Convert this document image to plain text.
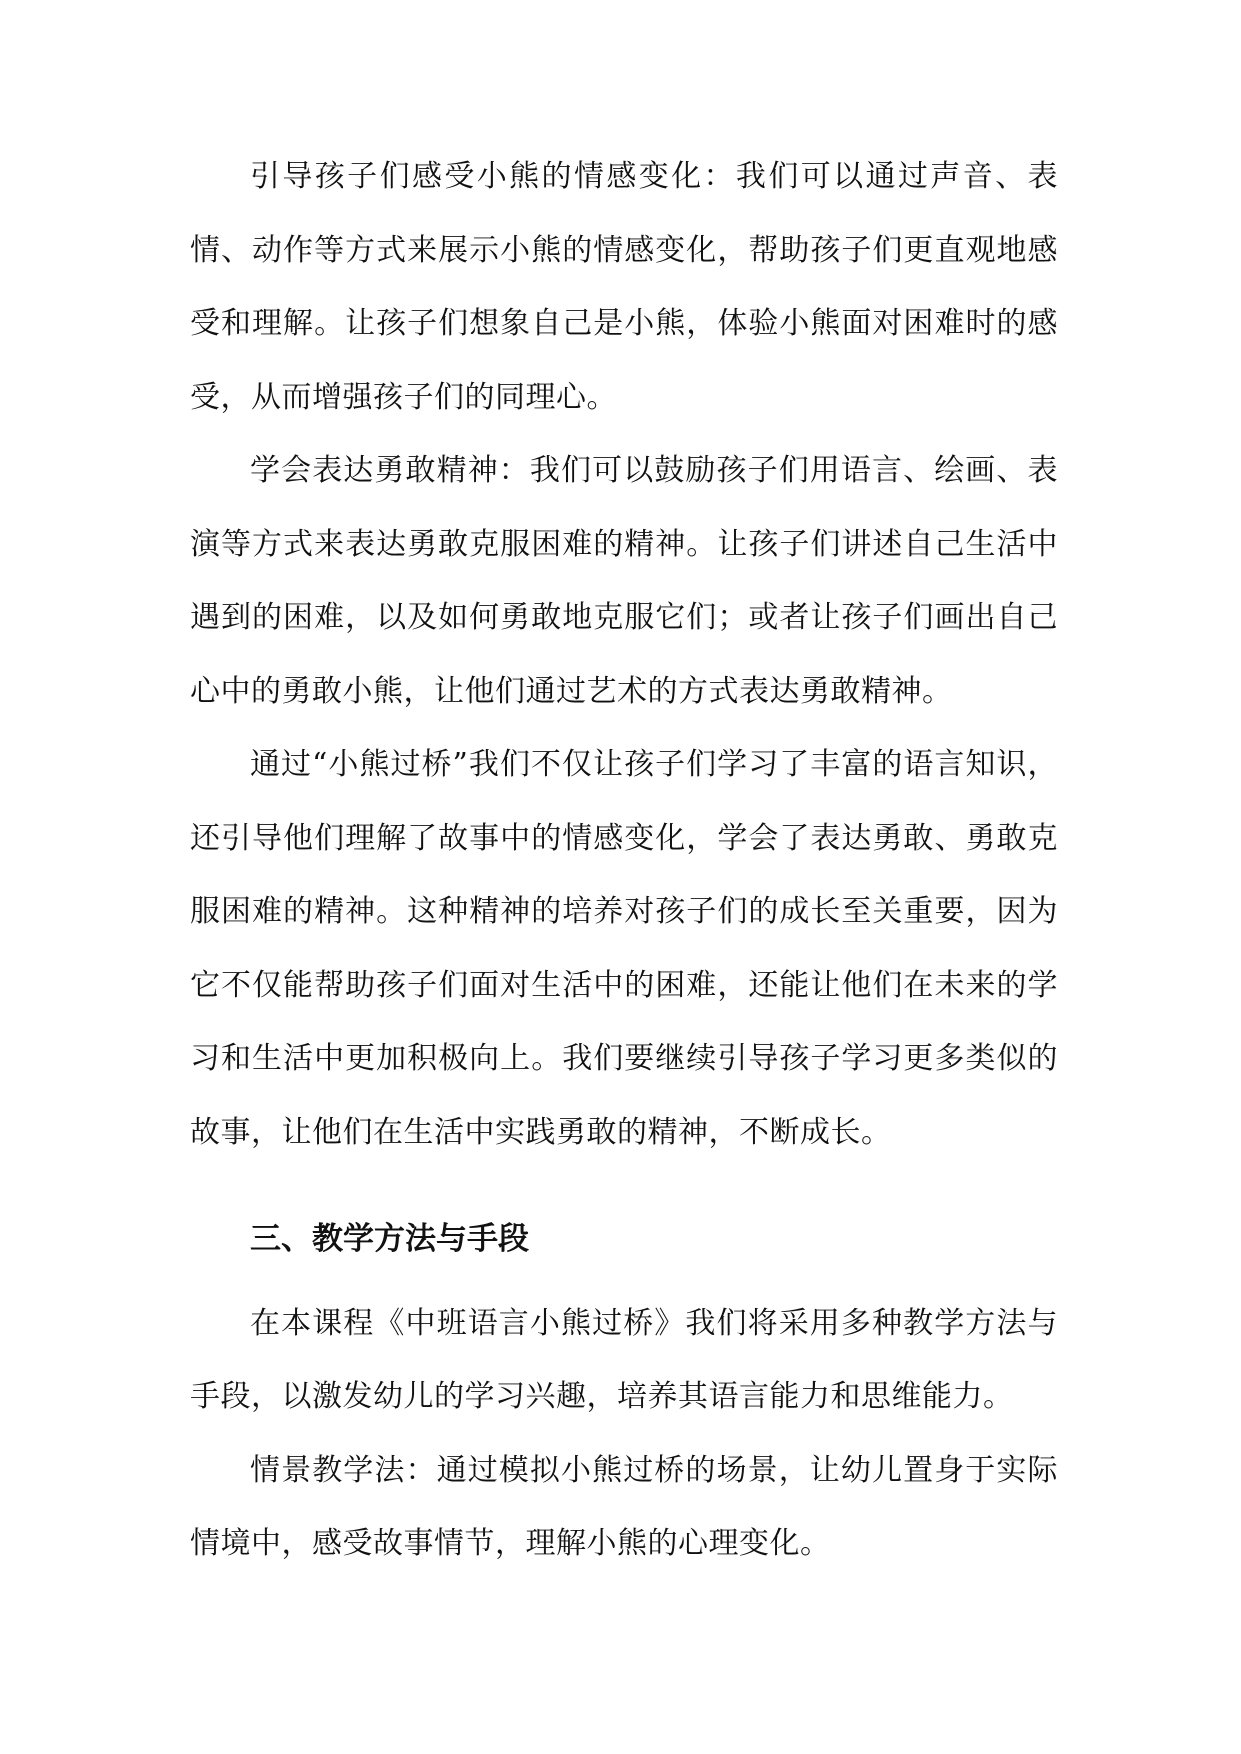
引导孩子们感受小熊的情感变化：我们可以通过声音、表情、动作等方式来展示小熊的情感变化，帮助孩子们更直观地感受和理解。让孩子们想象自己是小熊，体验小熊面对困难时的感受，从而增强孩子们的同理心。

学会表达勇敢精神：我们可以鼓励孩子们用语言、绘画、表演等方式来表达勇敢克服困难的精神。让孩子们讲述自己生活中遇到的困难，以及如何勇敢地克服它们；或者让孩子们画出自己心中的勇敢小熊，让他们通过艺术的方式表达勇敢精神。

通过“小熊过桥”我们不仅让孩子们学习了丰富的语言知识，还引导他们理解了故事中的情感变化，学会了表达勇敢、勇敢克服困难的精神。这种精神的培养对孩子们的成长至关重要，因为它不仅能帮助孩子们面对生活中的困难，还能让他们在未来的学习和生活中更加积极向上。我们要继续引导孩子学习更多类似的故事，让他们在生活中实践勇敢的精神，不断成长。

三、教学方法与手段

在本课程《中班语言小熊过桥》我们将采用多种教学方法与手段，以激发幼儿的学习兴趣，培养其语言能力和思维能力。

情景教学法：通过模拟小熊过桥的场景，让幼儿置身于实际情境中，感受故事情节，理解小熊的心理变化。
